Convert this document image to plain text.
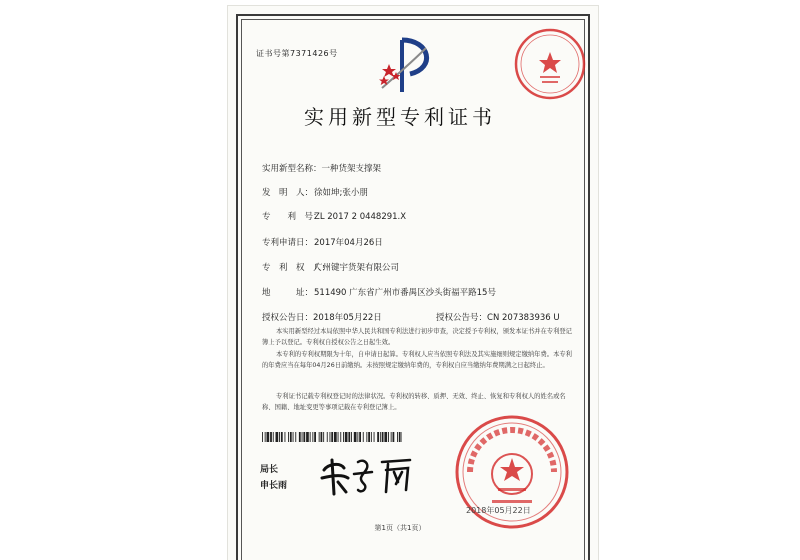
证书号第7371426号
实用新型专利证书
实用新型名称：一种货架支撑架
发　明　人：徐如坤;张小朋
专　　利　号：ZL 2017 2 0448291.X
专利申请日：2017年04月26日
专　利　权　人：广州键宇货架有限公司
地　　　址：511490 广东省广州市番禺区沙头街福平路15号
授权公告日：2018年05月22日	授权公告号：CN 207383936 U
本实用新型经过本局依照中华人民共和国专利法进行初步审查，决定授予专利权，颁发本证书并在专利登记簿上予以登记。专利权自授权公告之日起生效。
本专利的专利权期限为十年，自申请日起算。专利权人应当依照专利法及其实施细则规定缴纳年费。本专利的年费应当在每年04月26日前缴纳。未按照规定缴纳年费的，专利权自应当缴纳年费期满之日起终止。
专利证书记载专利权登记时的法律状况。专利权的转移、质押、无效、终止、恢复和专利权人的姓名或名称、国籍、地址变更等事项记载在专利登记簿上。
局长
申长雨
2018年05月22日
第1页（共1页）
